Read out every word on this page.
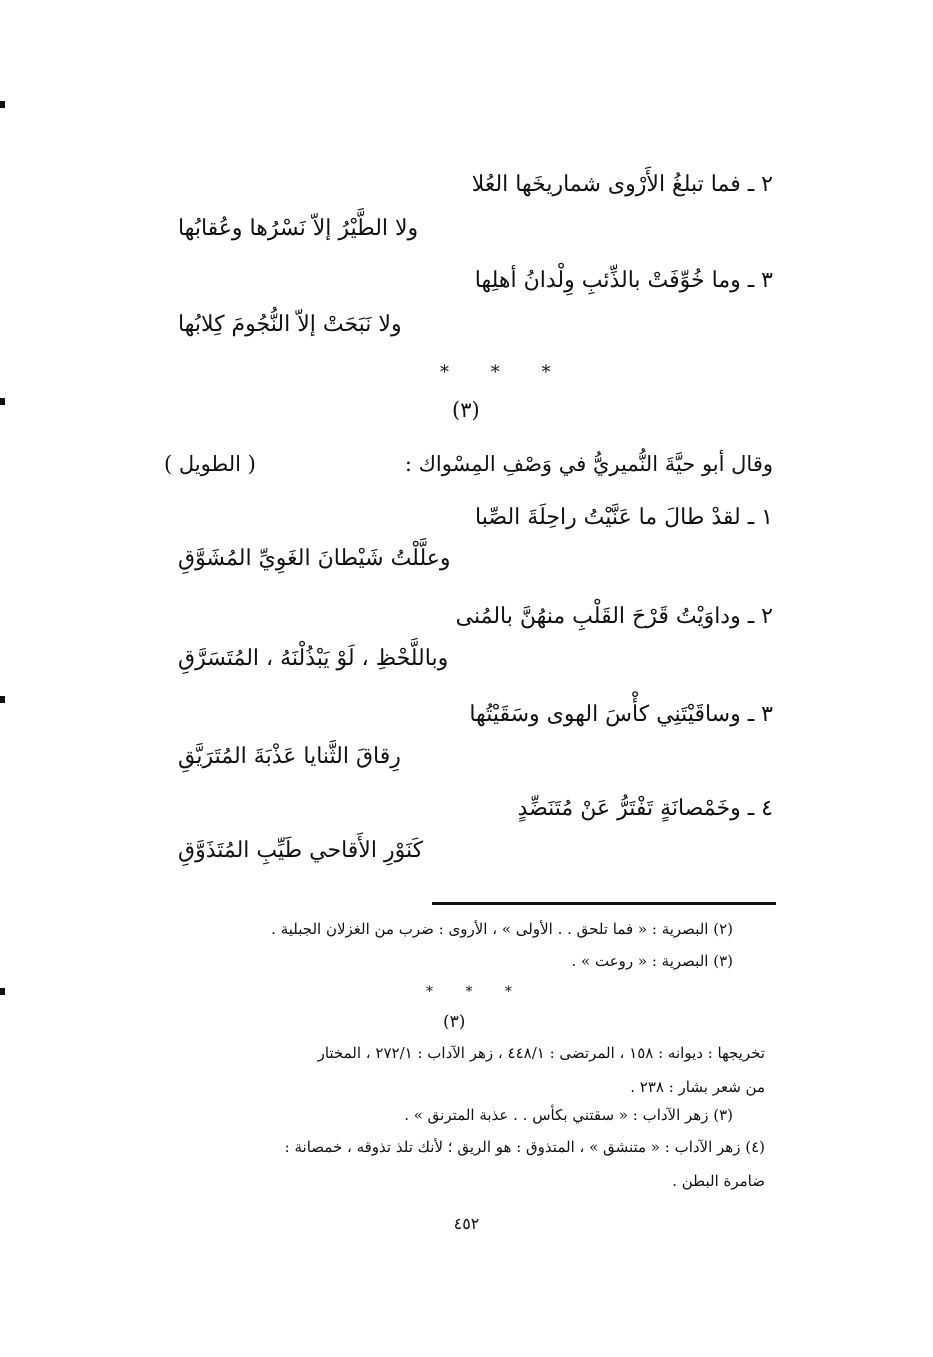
٢ ـ فما تبلغُ الأَرْوى شماريخَها العُلا
ولا الطَّيْرُ إلاّ نَسْرُها وعُقابُها
٣ ـ وما خُوِّفَتْ بالذِّئبِ وِلْدانُ أهلِها
ولا نَبَحَتْ إلاّ النُّجُومَ كِلابُها
* * *
(٣)
وقال أبو حيَّةَ النُّميريُّ في وَصْفِ المِسْواك :
( الطويل )
١ ـ لقدْ طالَ ما عَنَّيْتُ راحِلَةَ الصِّبا
وعلَّلْتُ شَيْطانَ الغَوِيِّ المُشَوَّقِ
٢ ـ وداوَيْتُ قَرْحَ القَلْبِ منهُنَّ بالمُنى
وباللَّحْظِ ، لَوْ يَبْذُلْنَهُ ، المُتَسَرَّقِ
٣ ـ وساقَيْتَنِي كأْسَ الهوى وسَقَيْتُها
رِقاقَ الثَّنايا عَذْبَةَ المُتَرَيَّقِ
٤ ـ وخَمْصانَةٍ تَفْتَرُّ عَنْ مُتَنَضِّدٍ
كَنَوْرِ الأَقاحي طَيِّبِ المُتَذَوَّقِ
(٢) البصرية : « فما تلحق . . الأولى » ، الأروى : ضرب من الغزلان الجبلية .
(٣) البصرية : « روعت » .
* * *
(٣)
تخريجها : ديوانه : ١٥٨ ، المرتضى : ٤٤٨/١ ، زهر الآداب : ٢٧٢/١ ، المختار
من شعر بشار : ٢٣٨ .
(٣) زهر الآداب : « سقتني بكأس . . عذبة المترنق » .
(٤) زهر الآداب : « متنشق » ، المتذوق : هو الريق ؛ لأنك تلذ تذوقه ، خمصانة :
ضامرة البطن .
٤٥٢
